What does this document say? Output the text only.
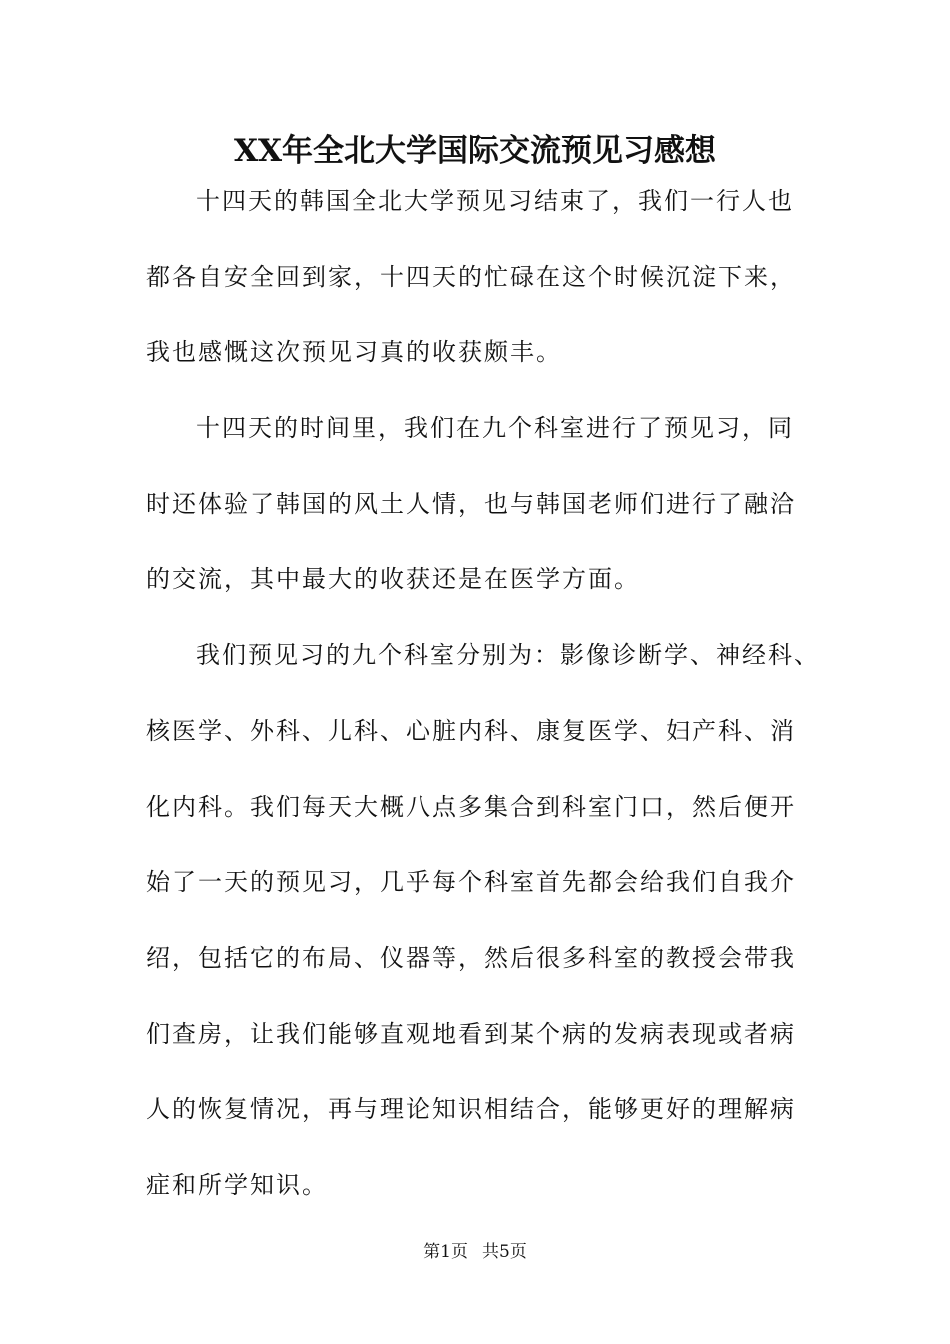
XX年全北大学国际交流预见习感想
十四天的韩国全北大学预见习结束了，我们一行人也
都各自安全回到家，十四天的忙碌在这个时候沉淀下来，
我也感慨这次预见习真的收获颇丰。
十四天的时间里，我们在九个科室进行了预见习，同
时还体验了韩国的风土人情，也与韩国老师们进行了融洽
的交流，其中最大的收获还是在医学方面。
我们预见习的九个科室分别为：影像诊断学、神经科、
核医学、外科、儿科、心脏内科、康复医学、妇产科、消
化内科。我们每天大概八点多集合到科室门口，然后便开
始了一天的预见习，几乎每个科室首先都会给我们自我介
绍，包括它的布局、仪器等，然后很多科室的教授会带我
们查房，让我们能够直观地看到某个病的发病表现或者病
人的恢复情况，再与理论知识相结合，能够更好的理解病
症和所学知识。
第1页 共5页
